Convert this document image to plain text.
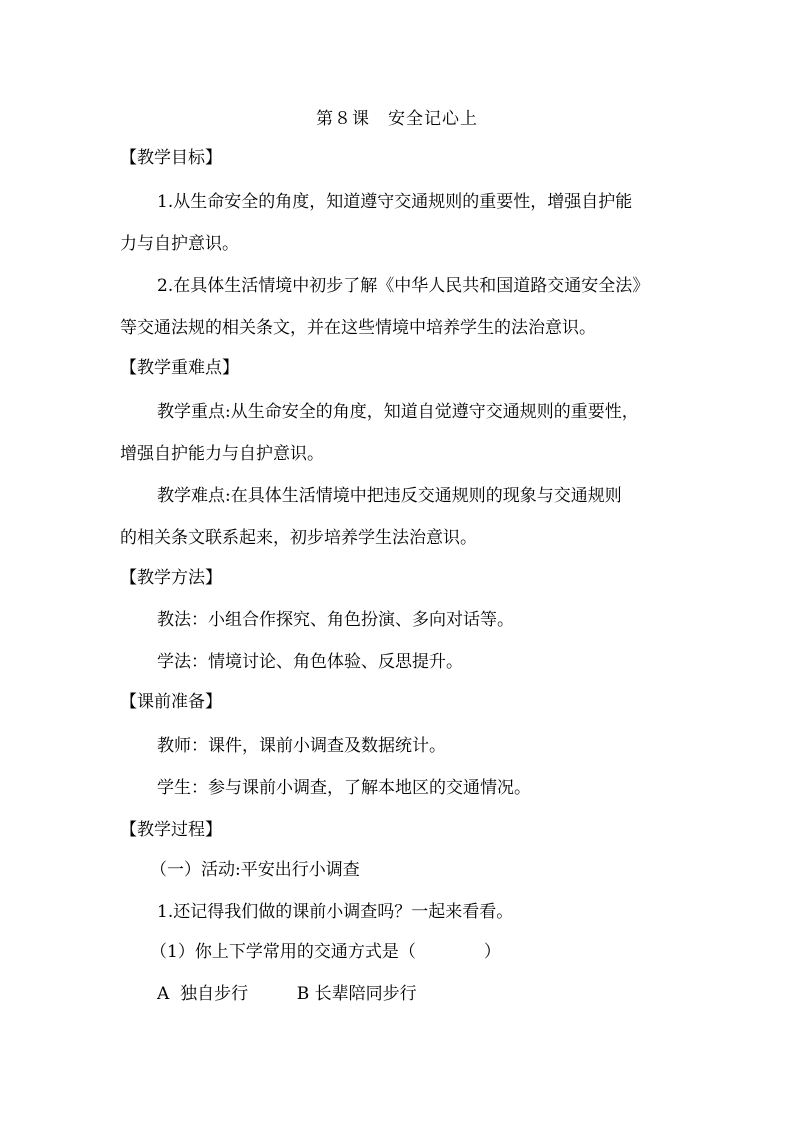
第８课　安全记心上
【教学目标】
1.从生命安全的角度，知道遵守交通规则的重要性，增强自护能
力与自护意识。
2.在具体生活情境中初步了解《中华人民共和国道路交通安全法》
等交通法规的相关条文，并在这些情境中培养学生的法治意识。
【教学重难点】
教学重点:从生命安全的角度，知道自觉遵守交通规则的重要性，
增强自护能力与自护意识。
教学难点:在具体生活情境中把违反交通规则的现象与交通规则
的相关条文联系起来，初步培养学生法治意识。
【教学方法】
教法：小组合作探究、角色扮演、多向对话等。
学法：情境讨论、角色体验、反思提升。
【课前准备】
教师：课件，课前小调查及数据统计。
学生：参与课前小调查，了解本地区的交通情况。
【教学过程】
（一）活动:平安出行小调查
1.还记得我们做的课前小调查吗？一起来看看。
（1）你上下学常用的交通方式是（　　　　）
A  独自步行         B 长辈陪同步行
